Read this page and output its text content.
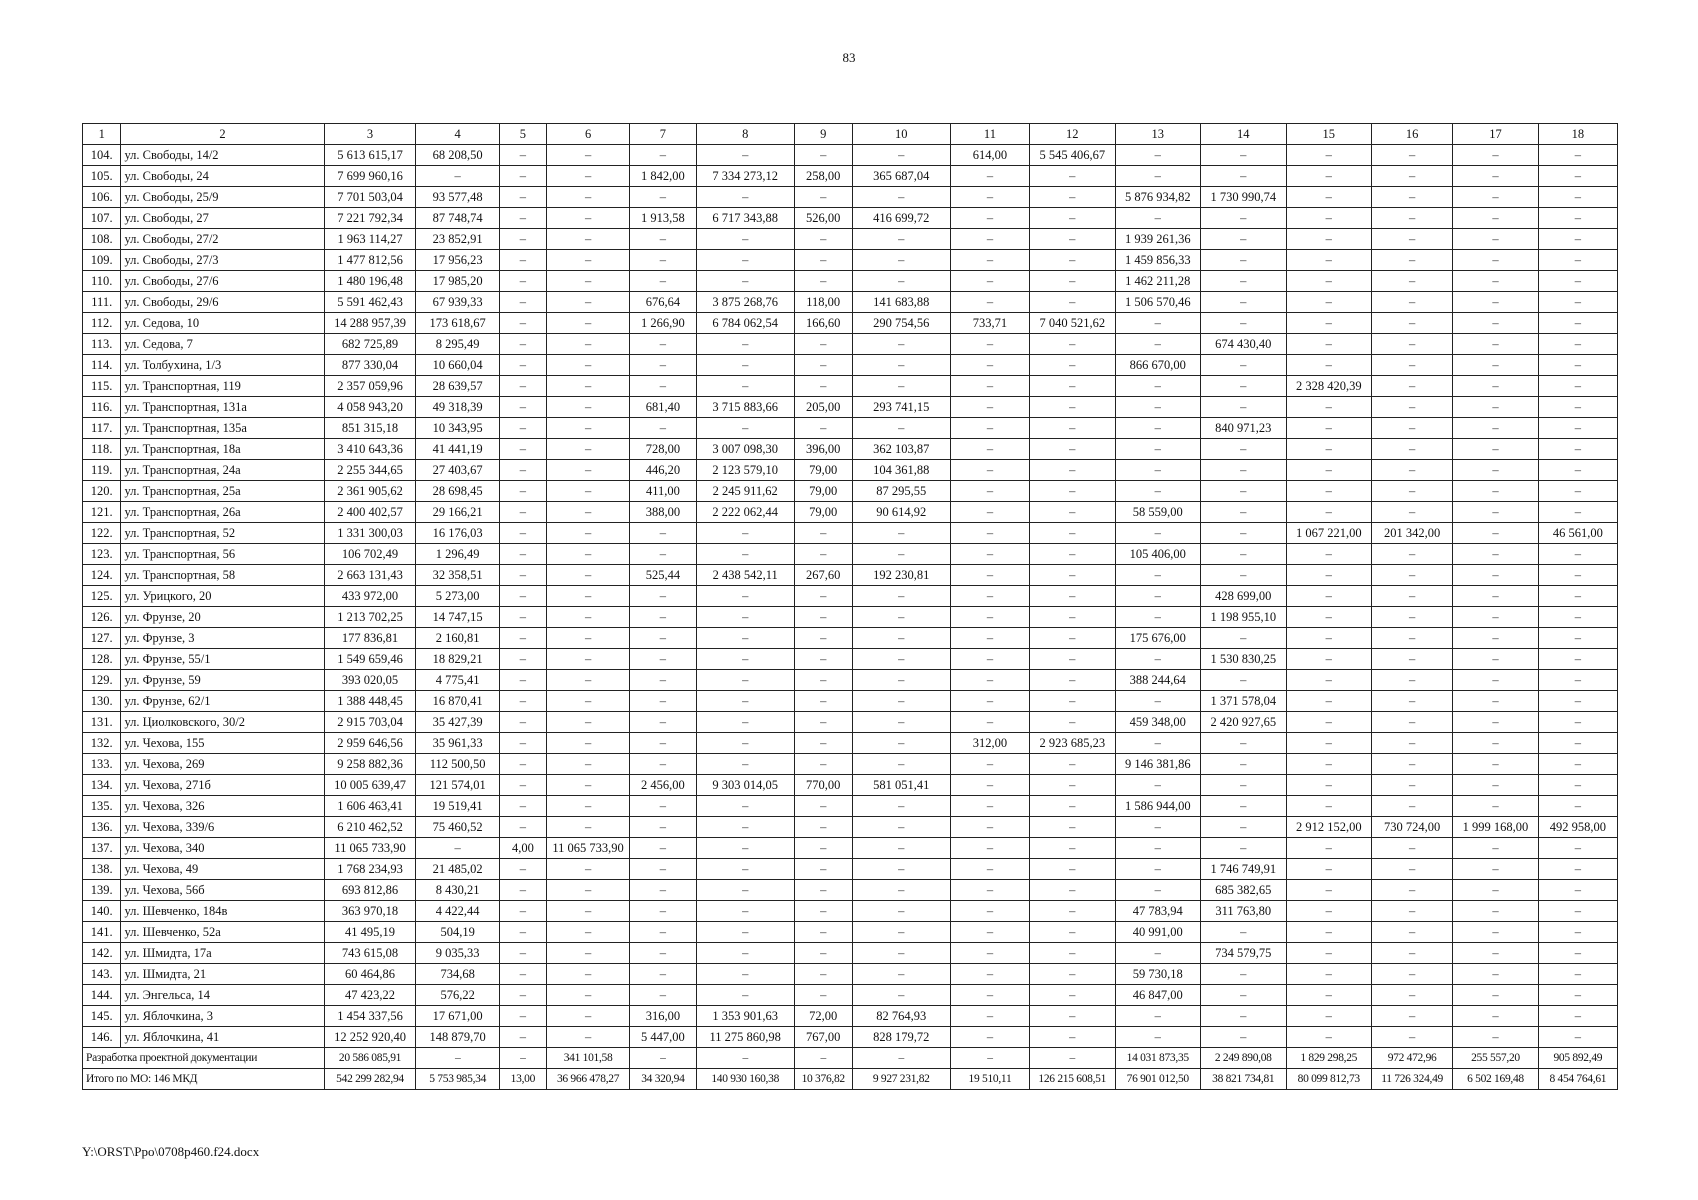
83
1	2	3	4	5	6	7	8	9	10	11	12	13	14	15	16	17	18
104.	ул. Свободы, 14/2	5 613 615,17	68 208,50	–	–	–	–	–	–	614,00	5 545 406,67	–	–	–	–	–	–
105.	ул. Свободы, 24	7 699 960,16	–	–	–	1 842,00	7 334 273,12	258,00	365 687,04	–	–	–	–	–	–	–	–
106.	ул. Свободы, 25/9	7 701 503,04	93 577,48	–	–	–	–	–	–	–	–	5 876 934,82	1 730 990,74	–	–	–	–
107.	ул. Свободы, 27	7 221 792,34	87 748,74	–	–	1 913,58	6 717 343,88	526,00	416 699,72	–	–	–	–	–	–	–	–
108.	ул. Свободы, 27/2	1 963 114,27	23 852,91	–	–	–	–	–	–	–	–	1 939 261,36	–	–	–	–	–
109.	ул. Свободы, 27/3	1 477 812,56	17 956,23	–	–	–	–	–	–	–	–	1 459 856,33	–	–	–	–	–
110.	ул. Свободы, 27/6	1 480 196,48	17 985,20	–	–	–	–	–	–	–	–	1 462 211,28	–	–	–	–	–
111.	ул. Свободы, 29/6	5 591 462,43	67 939,33	–	–	676,64	3 875 268,76	118,00	141 683,88	–	–	1 506 570,46	–	–	–	–	–
112.	ул. Седова, 10	14 288 957,39	173 618,67	–	–	1 266,90	6 784 062,54	166,60	290 754,56	733,71	7 040 521,62	–	–	–	–	–	–
113.	ул. Седова, 7	682 725,89	8 295,49	–	–	–	–	–	–	–	–	–	674 430,40	–	–	–	–
114.	ул. Толбухина, 1/3	877 330,04	10 660,04	–	–	–	–	–	–	–	–	866 670,00	–	–	–	–	–
115.	ул. Транспортная, 119	2 357 059,96	28 639,57	–	–	–	–	–	–	–	–	–	–	2 328 420,39	–	–	–
116.	ул. Транспортная, 131а	4 058 943,20	49 318,39	–	–	681,40	3 715 883,66	205,00	293 741,15	–	–	–	–	–	–	–	–
117.	ул. Транспортная, 135а	851 315,18	10 343,95	–	–	–	–	–	–	–	–	–	840 971,23	–	–	–	–
118.	ул. Транспортная, 18а	3 410 643,36	41 441,19	–	–	728,00	3 007 098,30	396,00	362 103,87	–	–	–	–	–	–	–	–
119.	ул. Транспортная, 24а	2 255 344,65	27 403,67	–	–	446,20	2 123 579,10	79,00	104 361,88	–	–	–	–	–	–	–	–
120.	ул. Транспортная, 25а	2 361 905,62	28 698,45	–	–	411,00	2 245 911,62	79,00	87 295,55	–	–	–	–	–	–	–	–
121.	ул. Транспортная, 26а	2 400 402,57	29 166,21	–	–	388,00	2 222 062,44	79,00	90 614,92	–	–	58 559,00	–	–	–	–	–
122.	ул. Транспортная, 52	1 331 300,03	16 176,03	–	–	–	–	–	–	–	–	–	–	1 067 221,00	201 342,00	–	46 561,00
123.	ул. Транспортная, 56	106 702,49	1 296,49	–	–	–	–	–	–	–	–	105 406,00	–	–	–	–	–
124.	ул. Транспортная, 58	2 663 131,43	32 358,51	–	–	525,44	2 438 542,11	267,60	192 230,81	–	–	–	–	–	–	–	–
125.	ул. Урицкого, 20	433 972,00	5 273,00	–	–	–	–	–	–	–	–	–	428 699,00	–	–	–	–
126.	ул. Фрунзе, 20	1 213 702,25	14 747,15	–	–	–	–	–	–	–	–	–	1 198 955,10	–	–	–	–
127.	ул. Фрунзе, 3	177 836,81	2 160,81	–	–	–	–	–	–	–	–	175 676,00	–	–	–	–	–
128.	ул. Фрунзе, 55/1	1 549 659,46	18 829,21	–	–	–	–	–	–	–	–	–	1 530 830,25	–	–	–	–
129.	ул. Фрунзе, 59	393 020,05	4 775,41	–	–	–	–	–	–	–	–	388 244,64	–	–	–	–	–
130.	ул. Фрунзе, 62/1	1 388 448,45	16 870,41	–	–	–	–	–	–	–	–	–	1 371 578,04	–	–	–	–
131.	ул. Циолковского, 30/2	2 915 703,04	35 427,39	–	–	–	–	–	–	–	–	459 348,00	2 420 927,65	–	–	–	–
132.	ул. Чехова, 155	2 959 646,56	35 961,33	–	–	–	–	–	–	312,00	2 923 685,23	–	–	–	–	–	–
133.	ул. Чехова, 269	9 258 882,36	112 500,50	–	–	–	–	–	–	–	–	9 146 381,86	–	–	–	–	–
134.	ул. Чехова, 271б	10 005 639,47	121 574,01	–	–	2 456,00	9 303 014,05	770,00	581 051,41	–	–	–	–	–	–	–	–
135.	ул. Чехова, 326	1 606 463,41	19 519,41	–	–	–	–	–	–	–	–	1 586 944,00	–	–	–	–	–
136.	ул. Чехова, 339/6	6 210 462,52	75 460,52	–	–	–	–	–	–	–	–	–	–	2 912 152,00	730 724,00	1 999 168,00	492 958,00
137.	ул. Чехова, 340	11 065 733,90	–	4,00	11 065 733,90	–	–	–	–	–	–	–	–	–	–	–	–
138.	ул. Чехова, 49	1 768 234,93	21 485,02	–	–	–	–	–	–	–	–	–	1 746 749,91	–	–	–	–
139.	ул. Чехова, 56б	693 812,86	8 430,21	–	–	–	–	–	–	–	–	–	685 382,65	–	–	–	–
140.	ул. Шевченко, 184в	363 970,18	4 422,44	–	–	–	–	–	–	–	–	47 783,94	311 763,80	–	–	–	–
141.	ул. Шевченко, 52а	41 495,19	504,19	–	–	–	–	–	–	–	–	40 991,00	–	–	–	–	–
142.	ул. Шмидта, 17а	743 615,08	9 035,33	–	–	–	–	–	–	–	–	–	734 579,75	–	–	–	–
143.	ул. Шмидта, 21	60 464,86	734,68	–	–	–	–	–	–	–	–	59 730,18	–	–	–	–	–
144.	ул. Энгельса, 14	47 423,22	576,22	–	–	–	–	–	–	–	–	46 847,00	–	–	–	–	–
145.	ул. Яблочкина, 3	1 454 337,56	17 671,00	–	–	316,00	1 353 901,63	72,00	82 764,93	–	–	–	–	–	–	–	–
146.	ул. Яблочкина, 41	12 252 920,40	148 879,70	–	–	5 447,00	11 275 860,98	767,00	828 179,72	–	–	–	–	–	–	–	–
Разработка проектной документации		20 586 085,91	–	–	341 101,58	–	–	–	–	–	–	14 031 873,35	2 249 890,08	1 829 298,25	972 472,96	255 557,20	905 892,49
Итого по МО: 146 МКД		542 299 282,94	5 753 985,34	13,00	36 966 478,27	34 320,94	140 930 160,38	10 376,82	9 927 231,82	19 510,11	126 215 608,51	76 901 012,50	38 821 734,81	80 099 812,73	11 726 324,49	6 502 169,48	8 454 764,61
Y:\ORST\Ppo\0708p460.f24.docx
